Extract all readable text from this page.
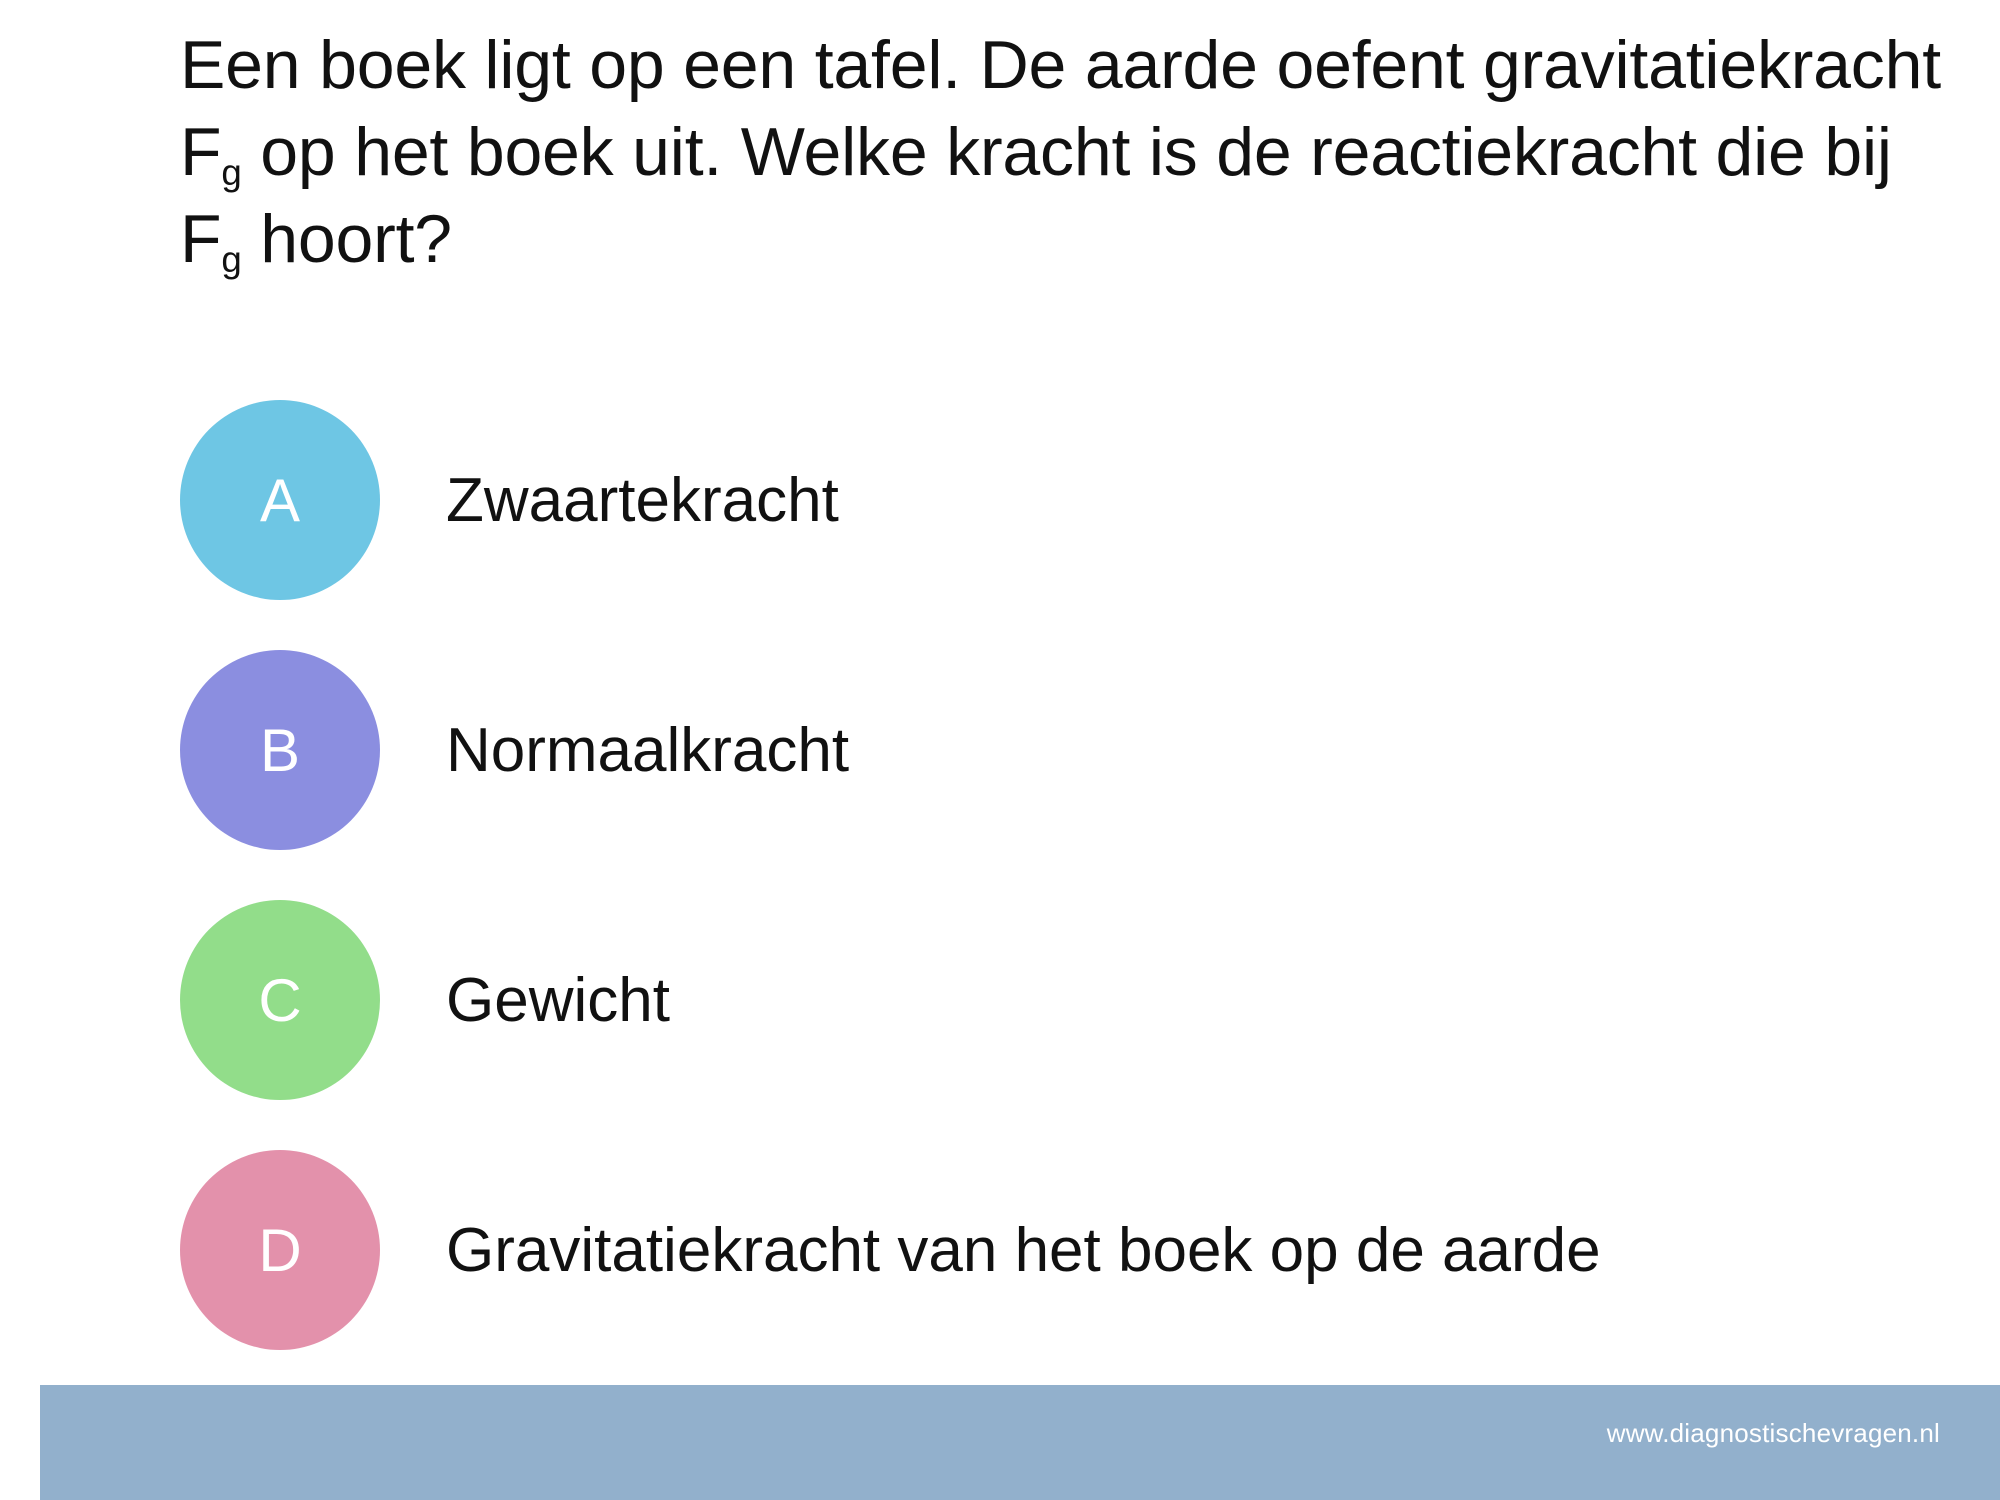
Een boek ligt op een tafel. De aarde oefent gravitatiekracht $F_g$ op het boek uit. Welke kracht is de reactiekracht die bij $F_g$ hoort?
A Zwaartekracht
B Normaalkracht
C Gewicht
D Gravitatiekracht van het boek op de aarde
www.diagnostischevragen.nl
